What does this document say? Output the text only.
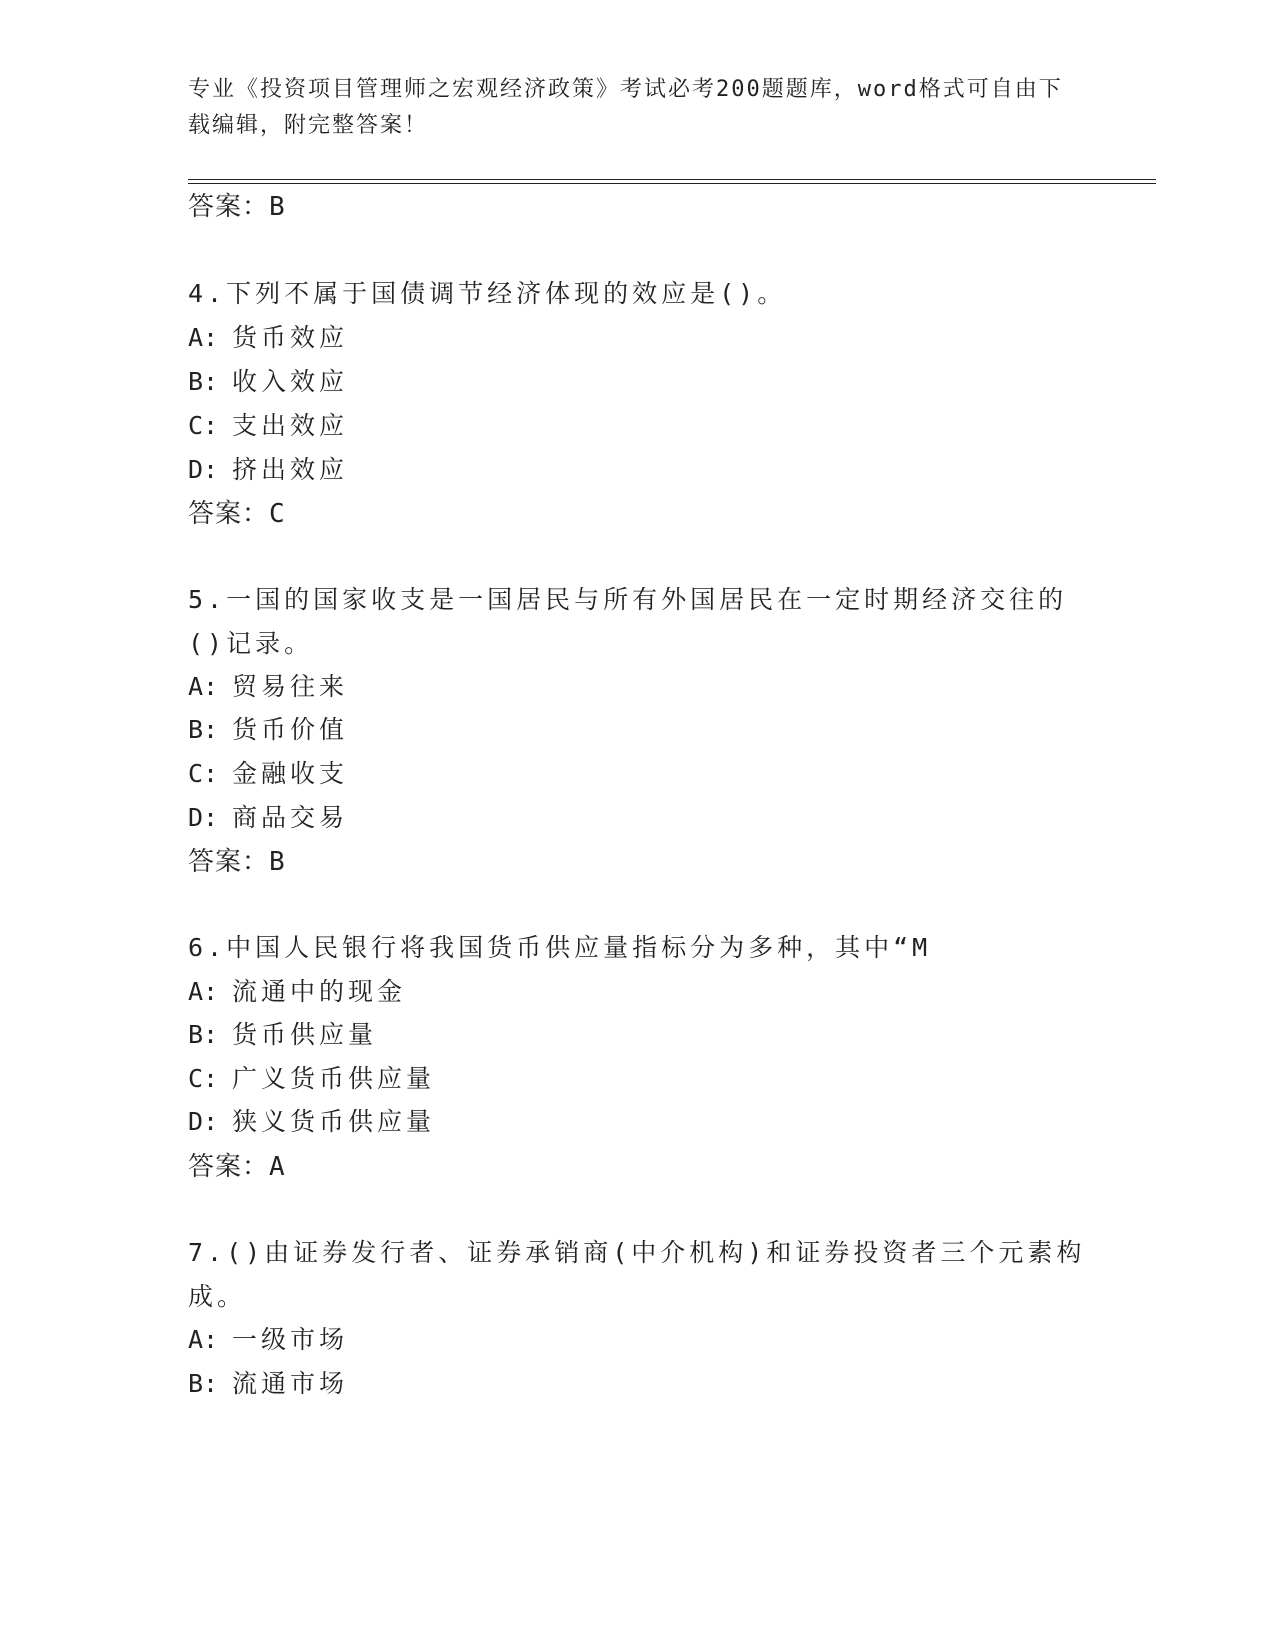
专业《投资项目管理师之宏观经济政策》考试必考200题题库，word格式可自由下载编辑，附完整答案！
答案：B
4.下列不属于国债调节经济体现的效应是()。
A: 货币效应
B: 收入效应
C: 支出效应
D: 挤出效应
答案：C
5.一国的国家收支是一国居民与所有外国居民在一定时期经济交往的
()记录。
A: 贸易往来
B: 货币价值
C: 金融收支
D: 商品交易
答案：B
6.中国人民银行将我国货币供应量指标分为多种，其中“M
A: 流通中的现金
B: 货币供应量
C: 广义货币供应量
D: 狭义货币供应量
答案：A
7.()由证券发行者、证券承销商(中介机构)和证券投资者三个元素构
成。
A: 一级市场
B: 流通市场
